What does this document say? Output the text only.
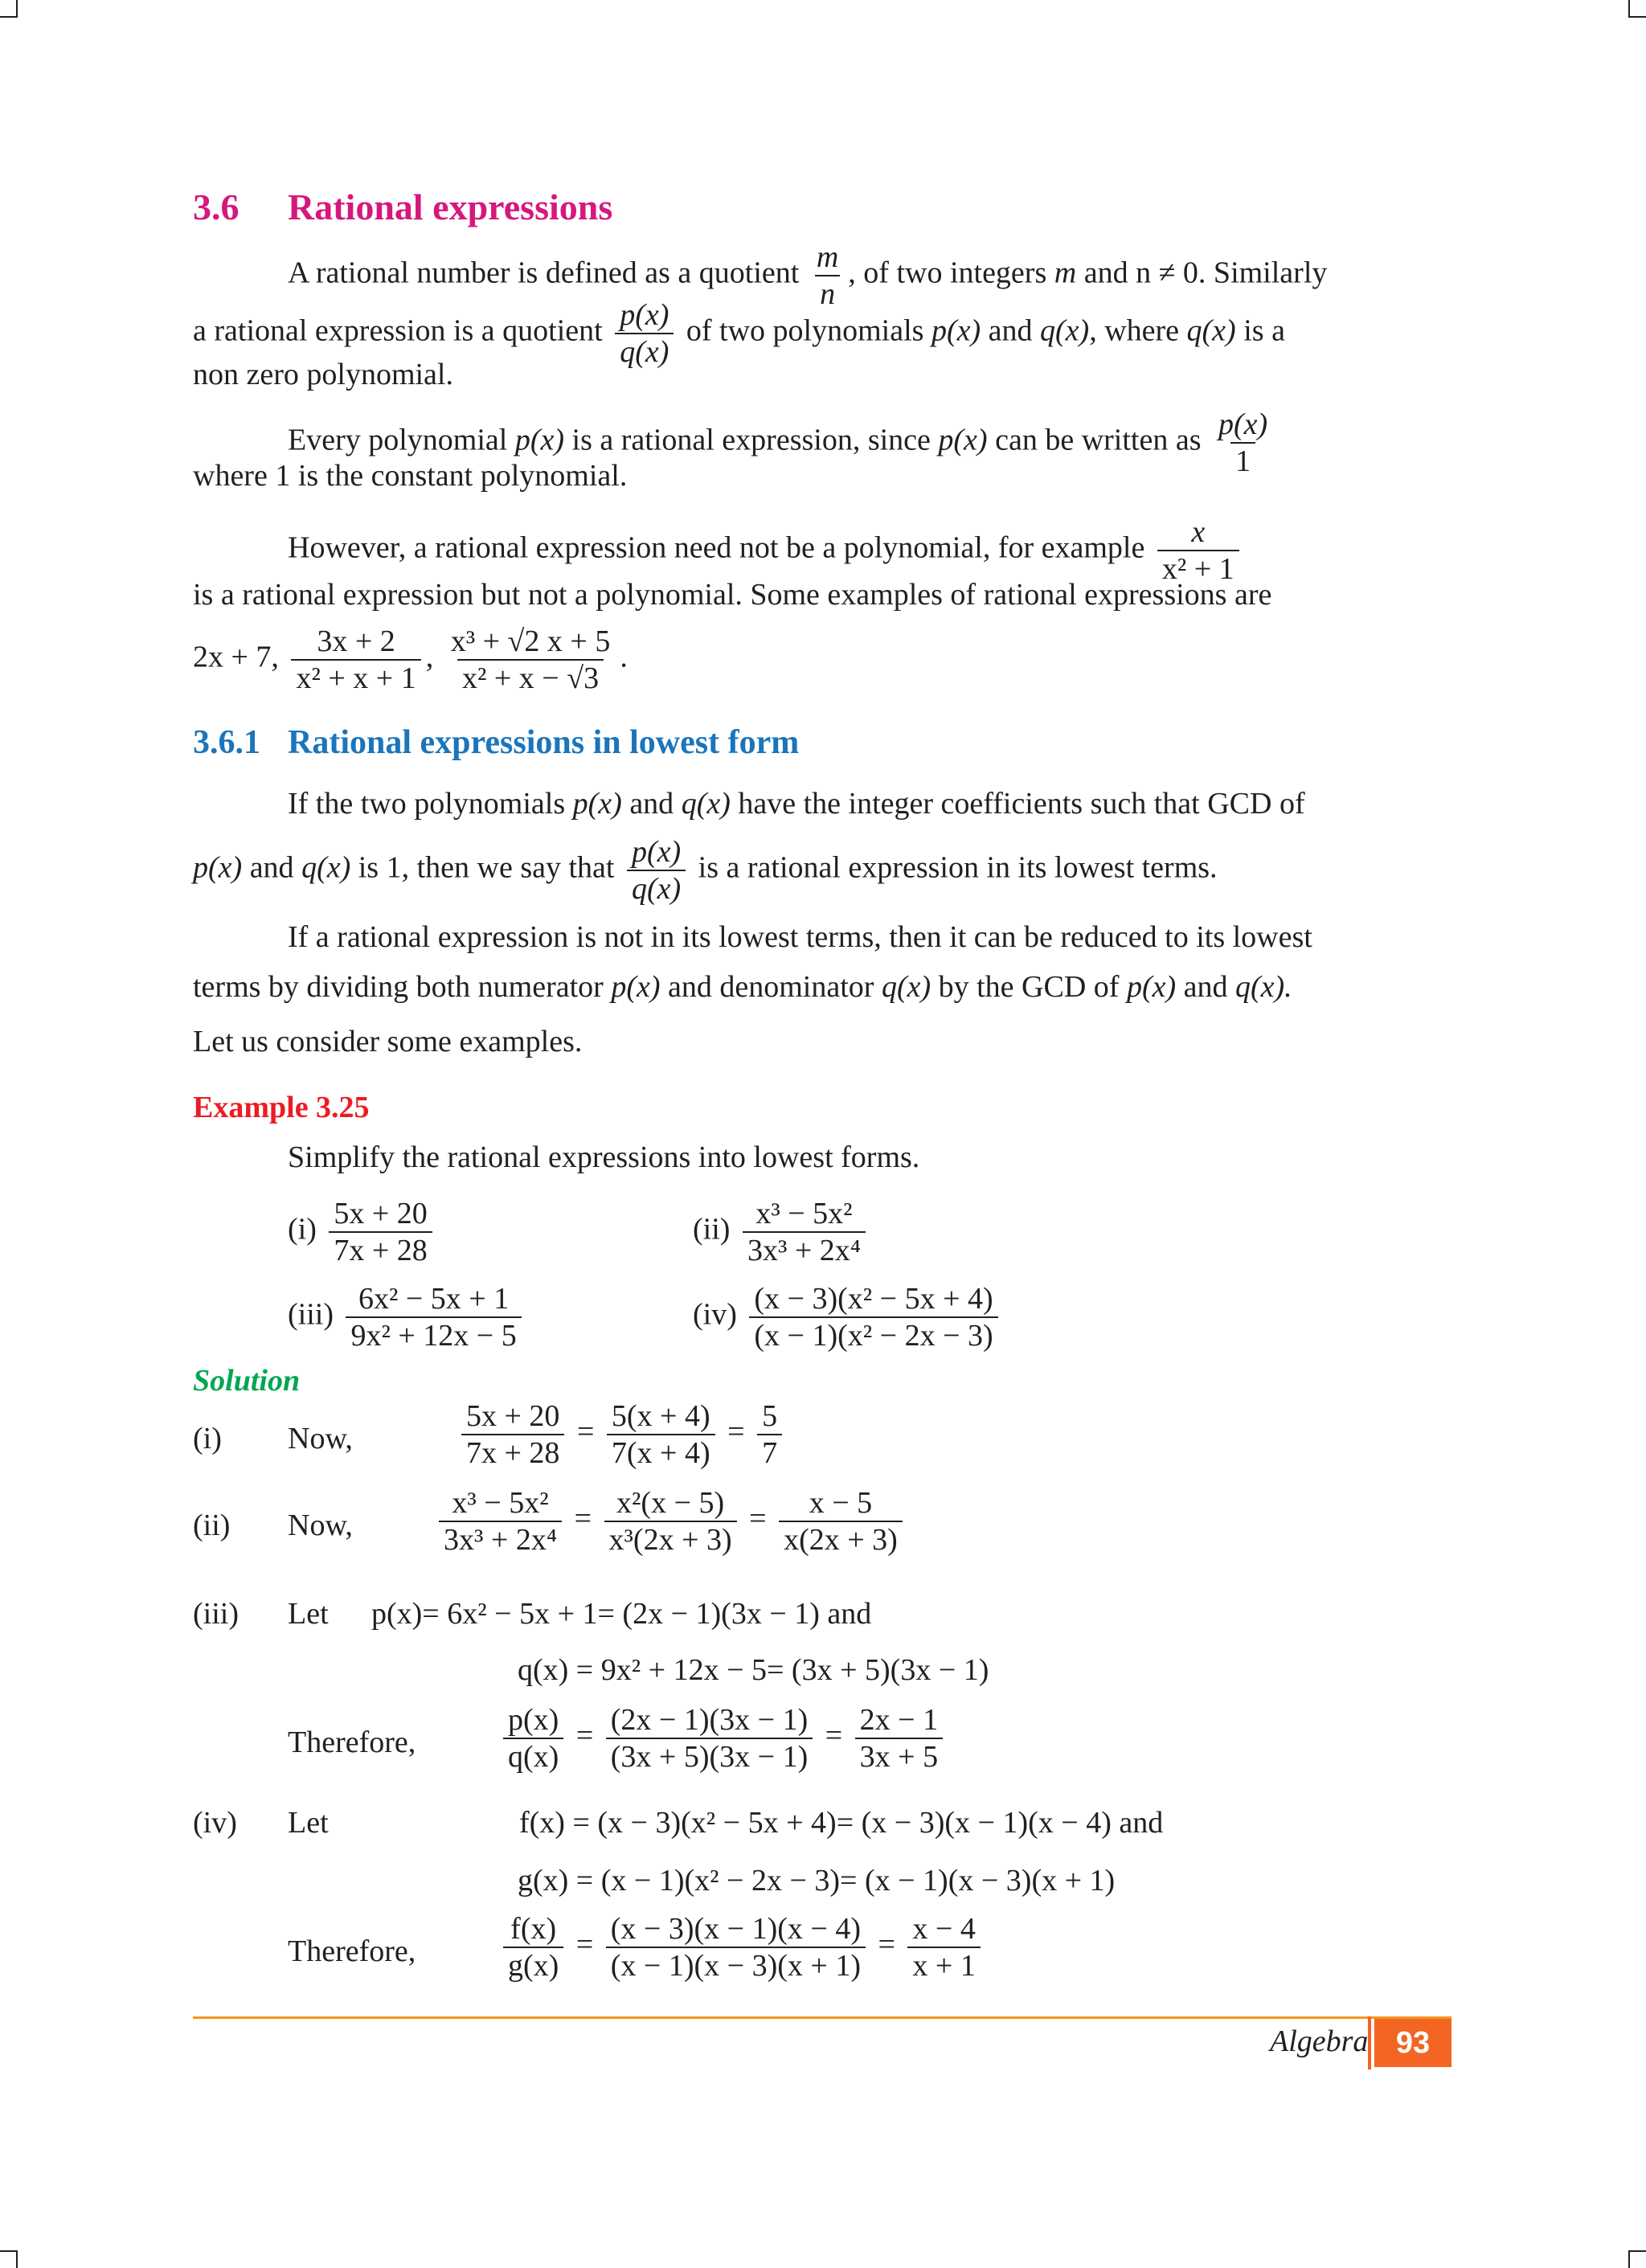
3.6 Rational expressions
A rational number is defined as a quotient $\frac{m}{n}$ , of two integers m and n ≠ 0. Similarly
a rational expression is a quotient $\frac{p(x)}{q(x)}$ of two polynomials p(x) and q(x), where q(x) is a
non zero polynomial.
Every polynomial p(x) is a rational expression, since p(x) can be written as $\frac{p(x)}{1}$
where 1 is the constant polynomial.
However, a rational expression need not be a polynomial, for example $\frac{x}{\text{x² + 1}}$
is a rational expression but not a polynomial. Some examples of rational expressions are
2x + 7, $\frac{3x + 2}{\text{x² + x + 1}}$ , $\frac{\text{x³ + √2 x + 5}}{\text{x² + x − √3}}$ .
3.6.1 Rational expressions in lowest form
If the two polynomials p(x) and q(x) have the integer coefficients such that GCD of
p(x) and q(x) is 1, then we say that $\frac{p(x)}{q(x)}$ is a rational expression in its lowest terms.
If a rational expression is not in its lowest terms, then it can be reduced to its lowest
terms by dividing both numerator p(x) and denominator q(x) by the GCD of p(x) and q(x).
Let us consider some examples.
Example 3.25
Simplify the rational expressions into lowest forms.
$(i) \frac{5x + 20}{7x + 28}$	$(ii) \frac{\text{x³ − 5x²}}{\text{3x³ + 2x⁴}}$
$(iii) \frac{\text{6x² − 5x + 1}}{\text{9x² + 12x − 5}}$	$(iv) \frac{\text{(x − 3)(x² − 5x + 4)}}{\text{(x − 1)(x² − 2x − 3)}}$
Solution
(i) Now,	$\frac{5x + 20}{7x + 28} = \frac{5(x + 4)}{7(x + 4)} = \frac{5}{7}$
(ii) Now,	$\frac{\text{x³ − 5x²}}{\text{3x³ + 2x⁴}} = \frac{\text{x²(x − 5)}}{\text{x³(2x + 3)}} = \frac{x - 5}{x(2x + 3)}$
(iii) Let p(x)= 6x² − 5x + 1= (2x − 1)(3x − 1) and
q(x) = 9x² + 12x − 5= (3x + 5)(3x − 1)
Therefore,	$\frac{p(x)}{q(x)} = \frac{(2x - 1)(3x - 1)}{(3x + 5)(3x - 1)} = \frac{2x - 1}{3x + 5}$
(iv) Let	f(x) = (x − 3)(x² − 5x + 4)= (x − 3)(x − 1)(x − 4) and
g(x) = (x − 1)(x² − 2x − 3)= (x − 1)(x − 3)(x + 1)
Therefore,	$\frac{f(x)}{g(x)} = \frac{(x - 3)(x - 1)(x - 4)}{(x - 1)(x - 3)(x + 1)} = \frac{x - 4}{x + 1}$
Algebra 93
